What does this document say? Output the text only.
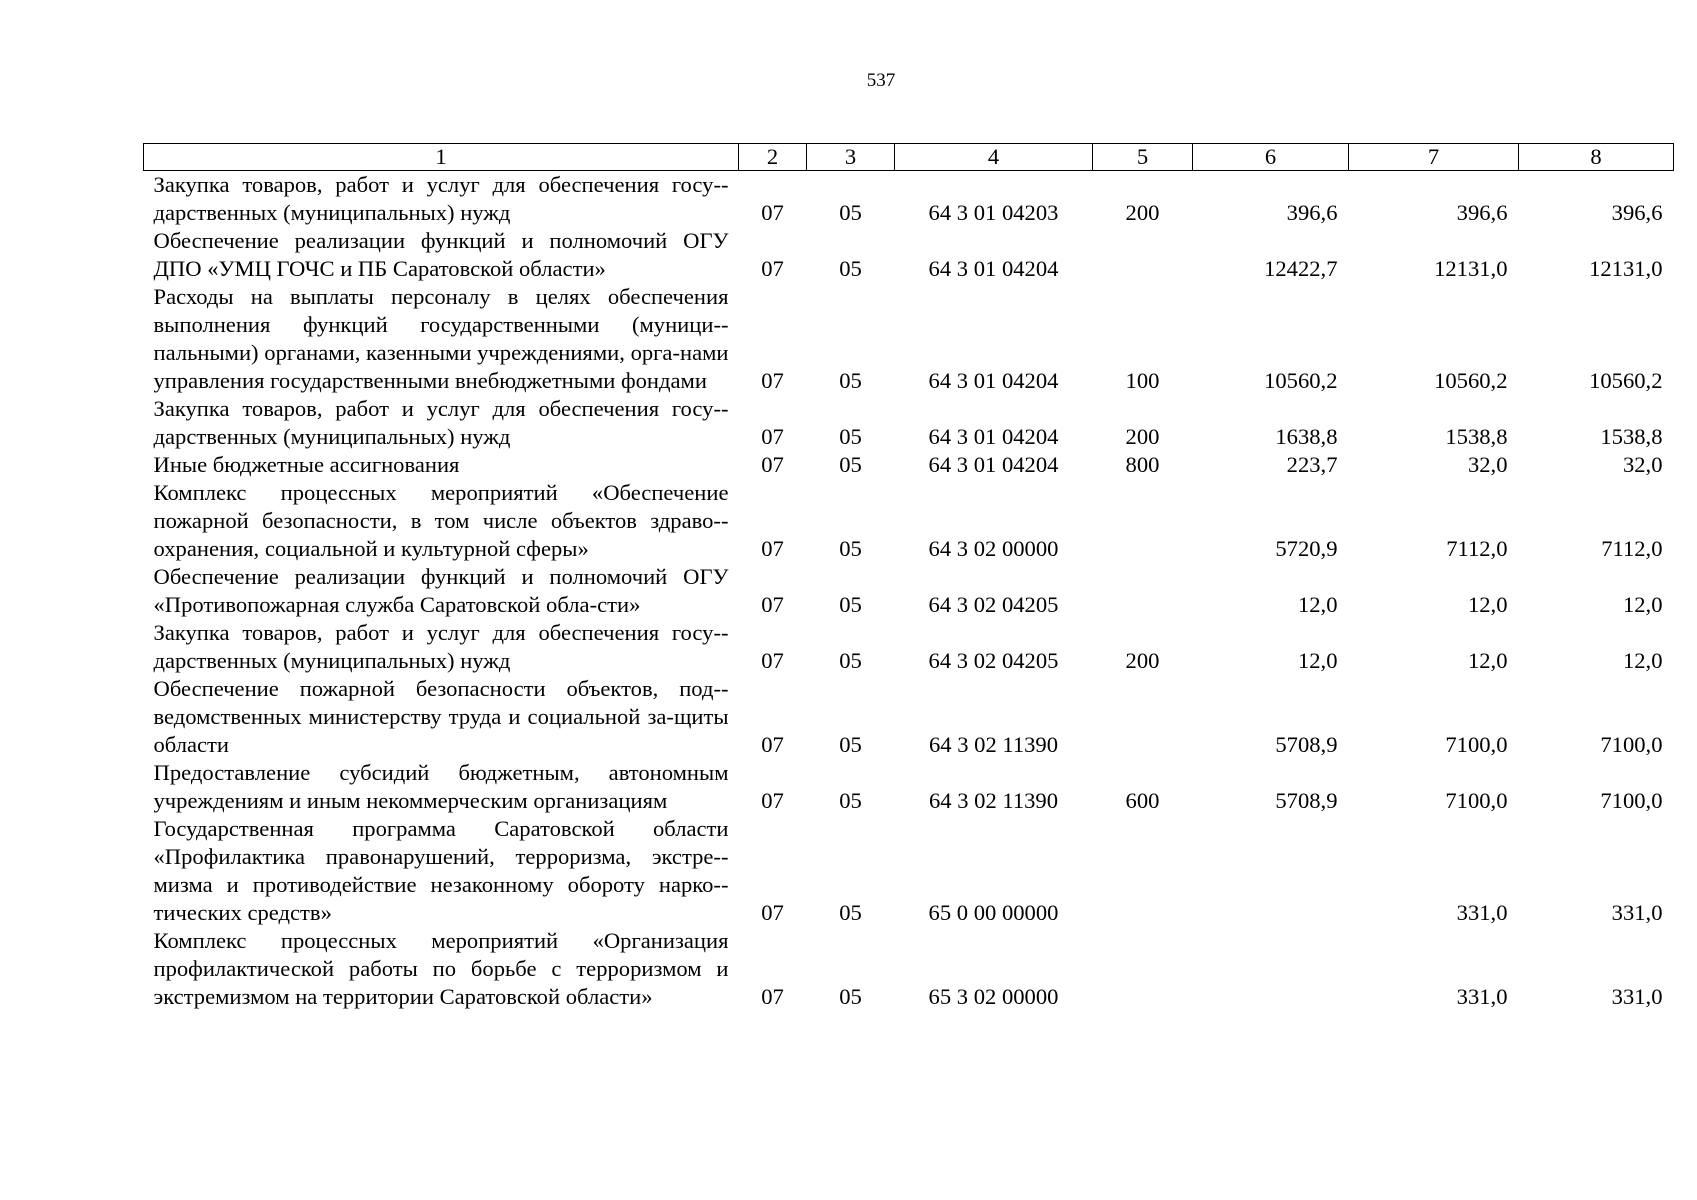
537
1	2	3	4	5	6	7	8
Закупка товаров, работ и услуг для обеспечения госу-дарственных (муниципальных) нужд	07	05	64 3 01 04203	200	396,6	396,6	396,6
Обеспечение реализации функций и полномочий ОГУ ДПО «УМЦ ГОЧС и ПБ Саратовской области»	07	05	64 3 01 04204		12422,7	12131,0	12131,0
Расходы на выплаты персоналу в целях обеспечения выполнения функций государственными (муници-пальными) органами, казенными учреждениями, орга-нами управления государственными внебюджетными фондами	07	05	64 3 01 04204	100	10560,2	10560,2	10560,2
Закупка товаров, работ и услуг для обеспечения госу-дарственных (муниципальных) нужд	07	05	64 3 01 04204	200	1638,8	1538,8	1538,8
Иные бюджетные ассигнования	07	05	64 3 01 04204	800	223,7	32,0	32,0
Комплекс процессных мероприятий «Обеспечение пожарной безопасности, в том числе объектов здраво-охранения, социальной и культурной сферы»	07	05	64 3 02 00000		5720,9	7112,0	7112,0
Обеспечение реализации функций и полномочий ОГУ «Противопожарная служба Саратовской обла-сти»	07	05	64 3 02 04205		12,0	12,0	12,0
Закупка товаров, работ и услуг для обеспечения госу-дарственных (муниципальных) нужд	07	05	64 3 02 04205	200	12,0	12,0	12,0
Обеспечение пожарной безопасности объектов, под-ведомственных министерству труда и социальной за-щиты области	07	05	64 3 02 11390		5708,9	7100,0	7100,0
Предоставление субсидий бюджетным, автономным учреждениям и иным некоммерческим организациям	07	05	64 3 02 11390	600	5708,9	7100,0	7100,0
Государственная программа Саратовской области «Профилактика правонарушений, терроризма, экстре-мизма и противодействие незаконному обороту нарко-тических средств»	07	05	65 0 00 00000			331,0	331,0
Комплекс процессных мероприятий «Организация профилактической работы по борьбе с терроризмом и экстремизмом на территории Саратовской области»	07	05	65 3 02 00000			331,0	331,0
